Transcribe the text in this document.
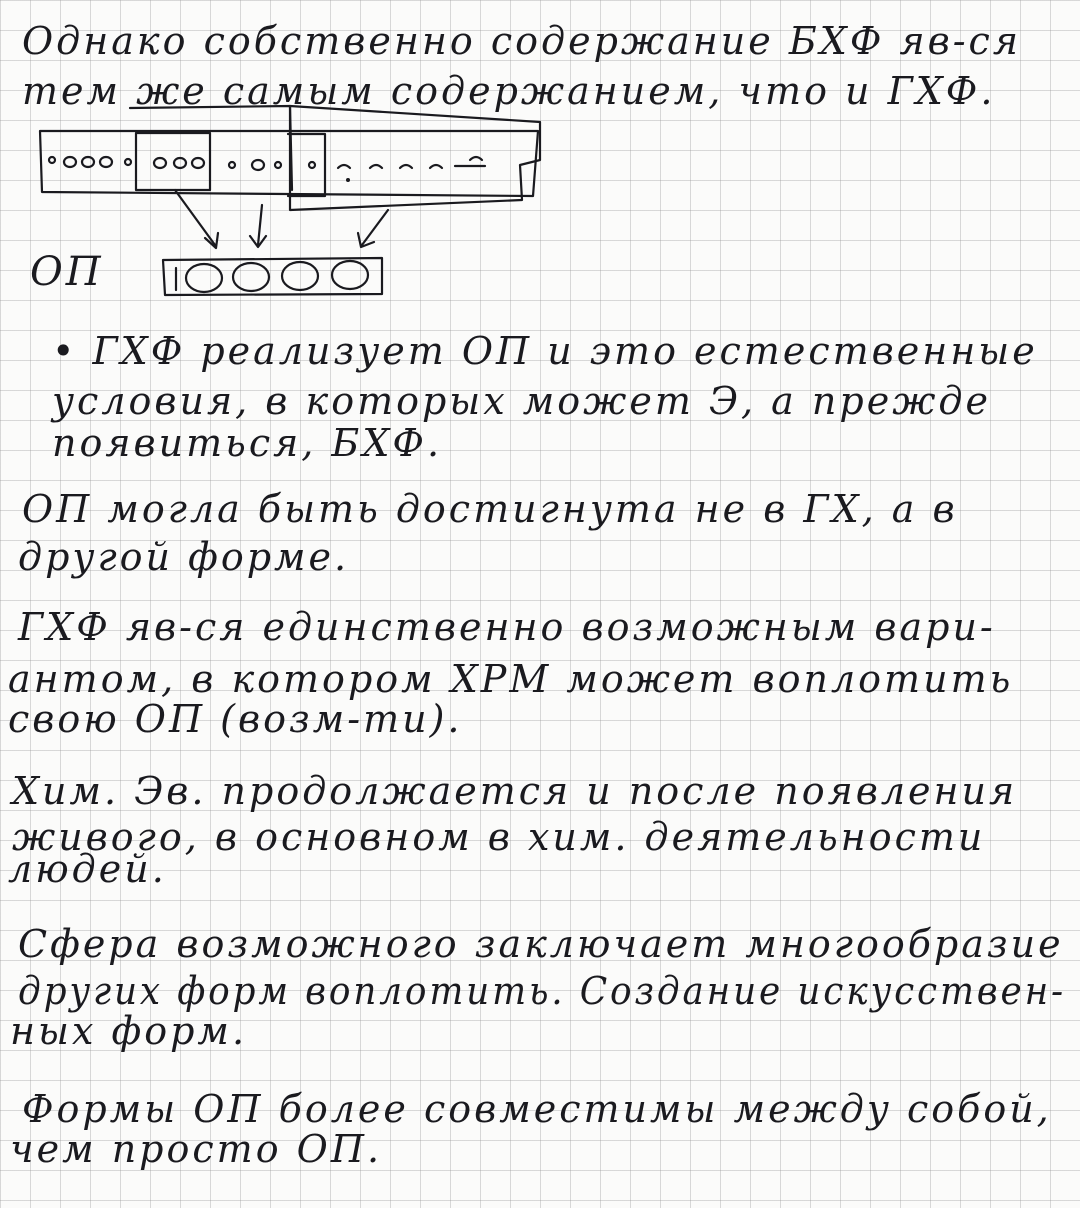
ОП
Однако собственно содержание БХФ яв-ся
тем же самым содержанием, что и ГХФ.
• ГХФ реализует ОП и это естественные
условия, в которых может Э, а прежде
появиться, БХФ.
ОП могла быть достигнута не в ГХ, а в
другой форме.
ГХФ яв-ся единственно возможным вари-
антом, в котором ХРМ может воплотить
свою ОП (возм-ти).
Хим. Эв. продолжается и после появления
живого, в основном в хим. деятельности
людей.
Сфера возможного заключает многообразие
других форм воплотить. Создание искусствен-
ных форм.
Формы ОП более совместимы между собой,
чем просто ОП.
